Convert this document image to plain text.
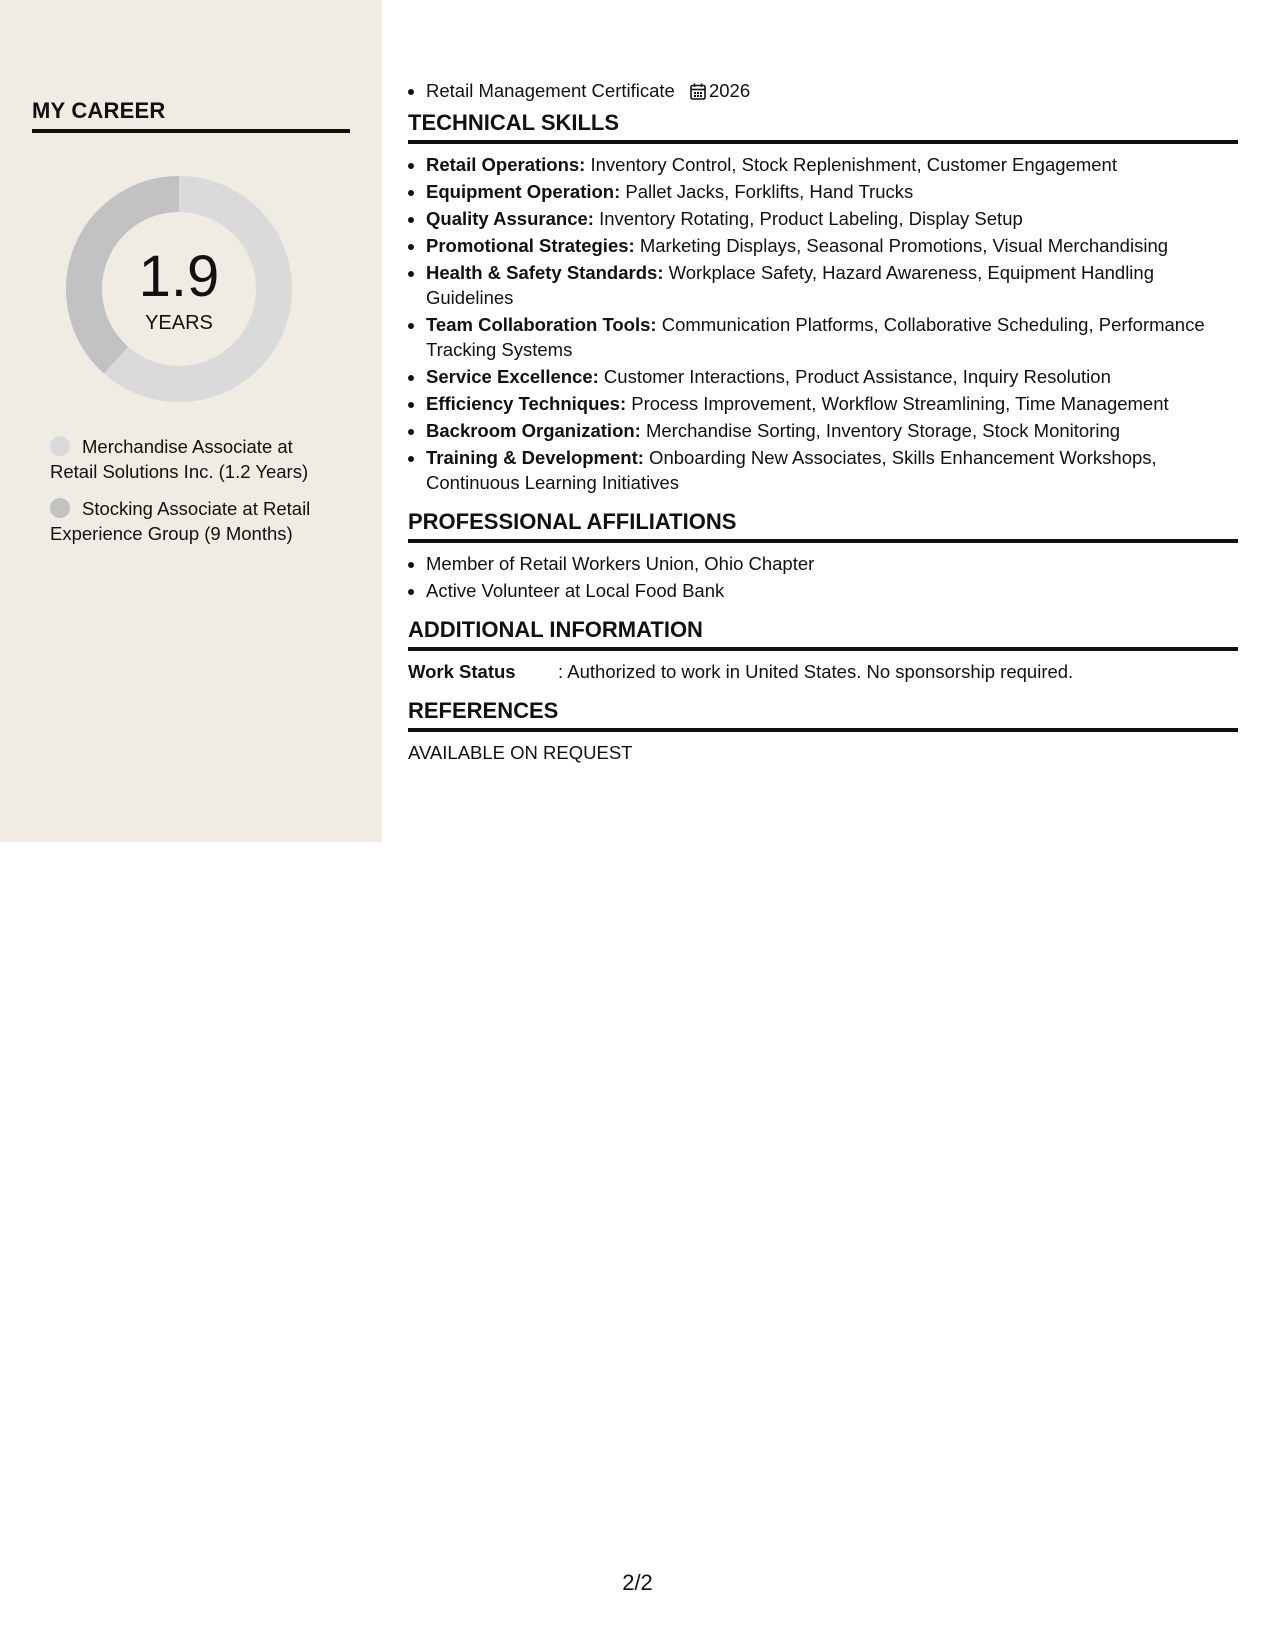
MY CAREER
1.9
YEARS
Merchandise Associate at Retail Solutions Inc. (1.2 Years)
Stocking Associate at Retail Experience Group (9 Months)
• Retail Management Certificate 2026
TECHNICAL SKILLS
• Retail Operations: Inventory Control, Stock Replenishment, Customer Engagement
• Equipment Operation: Pallet Jacks, Forklifts, Hand Trucks
• Quality Assurance: Inventory Rotating, Product Labeling, Display Setup
• Promotional Strategies: Marketing Displays, Seasonal Promotions, Visual Merchandising
• Health & Safety Standards: Workplace Safety, Hazard Awareness, Equipment Handling Guidelines
• Team Collaboration Tools: Communication Platforms, Collaborative Scheduling, Performance Tracking Systems
• Service Excellence: Customer Interactions, Product Assistance, Inquiry Resolution
• Efficiency Techniques: Process Improvement, Workflow Streamlining, Time Management
• Backroom Organization: Merchandise Sorting, Inventory Storage, Stock Monitoring
• Training & Development: Onboarding New Associates, Skills Enhancement Workshops, Continuous Learning Initiatives
PROFESSIONAL AFFILIATIONS
• Member of Retail Workers Union, Ohio Chapter
• Active Volunteer at Local Food Bank
ADDITIONAL INFORMATION
Work Status	: Authorized to work in United States. No sponsorship required.
REFERENCES
AVAILABLE ON REQUEST
2/2
